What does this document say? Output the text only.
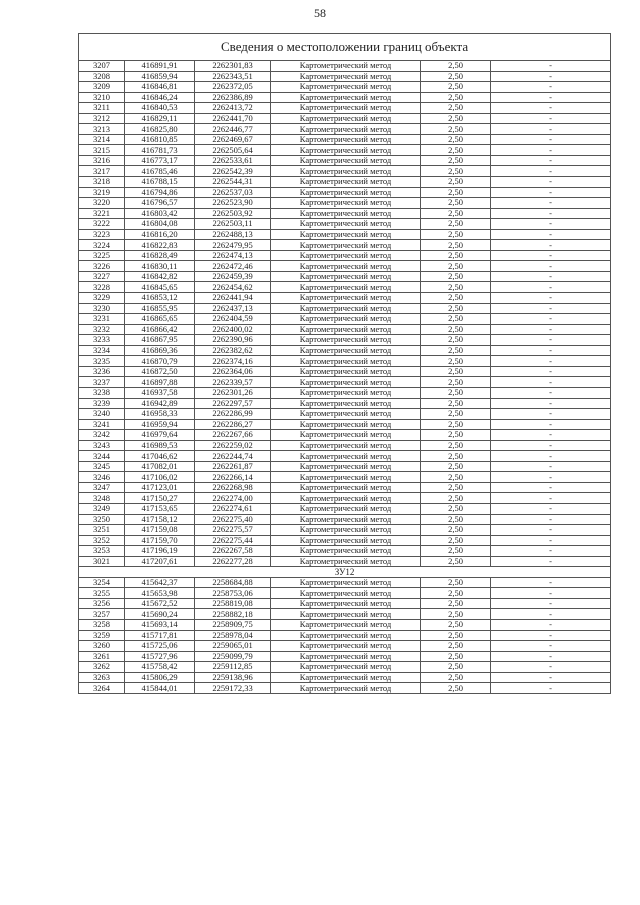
58
Сведения о местоположении границ объекта					
3207	416891,91	2262301,83	Картометрический метод	2,50	-
3208	416859,94	2262343,51	Картометрический метод	2,50	-
3209	416846,81	2262372,05	Картометрический метод	2,50	-
3210	416846,24	2262386,89	Картометрический метод	2,50	-
3211	416840,53	2262413,72	Картометрический метод	2,50	-
3212	416829,11	2262441,70	Картометрический метод	2,50	-
3213	416825,80	2262446,77	Картометрический метод	2,50	-
3214	416810,85	2262469,67	Картометрический метод	2,50	-
3215	416781,73	2262505,64	Картометрический метод	2,50	-
3216	416773,17	2262533,61	Картометрический метод	2,50	-
3217	416785,46	2262542,39	Картометрический метод	2,50	-
3218	416788,15	2262544,31	Картометрический метод	2,50	-
3219	416794,86	2262537,03	Картометрический метод	2,50	-
3220	416796,57	2262523,90	Картометрический метод	2,50	-
3221	416803,42	2262503,92	Картометрический метод	2,50	-
3222	416804,08	2262503,11	Картометрический метод	2,50	-
3223	416816,20	2262488,13	Картометрический метод	2,50	-
3224	416822,83	2262479,95	Картометрический метод	2,50	-
3225	416828,49	2262474,13	Картометрический метод	2,50	-
3226	416830,11	2262472,46	Картометрический метод	2,50	-
3227	416842,82	2262459,39	Картометрический метод	2,50	-
3228	416845,65	2262454,62	Картометрический метод	2,50	-
3229	416853,12	2262441,94	Картометрический метод	2,50	-
3230	416855,95	2262437,13	Картометрический метод	2,50	-
3231	416865,65	2262404,59	Картометрический метод	2,50	-
3232	416866,42	2262400,02	Картометрический метод	2,50	-
3233	416867,95	2262390,96	Картометрический метод	2,50	-
3234	416869,36	2262382,62	Картометрический метод	2,50	-
3235	416870,79	2262374,16	Картометрический метод	2,50	-
3236	416872,50	2262364,06	Картометрический метод	2,50	-
3237	416897,88	2262339,57	Картометрический метод	2,50	-
3238	416937,58	2262301,26	Картометрический метод	2,50	-
3239	416942,89	2262297,57	Картометрический метод	2,50	-
3240	416958,33	2262286,99	Картометрический метод	2,50	-
3241	416959,94	2262286,27	Картометрический метод	2,50	-
3242	416979,64	2262267,66	Картометрический метод	2,50	-
3243	416989,53	2262259,02	Картометрический метод	2,50	-
3244	417046,62	2262244,74	Картометрический метод	2,50	-
3245	417082,01	2262261,87	Картометрический метод	2,50	-
3246	417106,02	2262266,14	Картометрический метод	2,50	-
3247	417123,01	2262268,98	Картометрический метод	2,50	-
3248	417150,27	2262274,00	Картометрический метод	2,50	-
3249	417153,65	2262274,61	Картометрический метод	2,50	-
3250	417158,12	2262275,40	Картометрический метод	2,50	-
3251	417159,08	2262275,57	Картометрический метод	2,50	-
3252	417159,70	2262275,44	Картометрический метод	2,50	-
3253	417196,19	2262267,58	Картометрический метод	2,50	-
3021	417207,61	2262277,28	Картометрический метод	2,50	-
ЗУ12					
3254	415642,37	2258684,88	Картометрический метод	2,50	-
3255	415653,98	2258753,06	Картометрический метод	2,50	-
3256	415672,52	2258819,08	Картометрический метод	2,50	-
3257	415690,24	2258882,18	Картометрический метод	2,50	-
3258	415693,14	2258909,75	Картометрический метод	2,50	-
3259	415717,81	2258978,04	Картометрический метод	2,50	-
3260	415725,06	2259065,01	Картометрический метод	2,50	-
3261	415727,96	2259099,79	Картометрический метод	2,50	-
3262	415758,42	2259112,85	Картометрический метод	2,50	-
3263	415806,29	2259138,96	Картометрический метод	2,50	-
3264	415844,01	2259172,33	Картометрический метод	2,50	-
